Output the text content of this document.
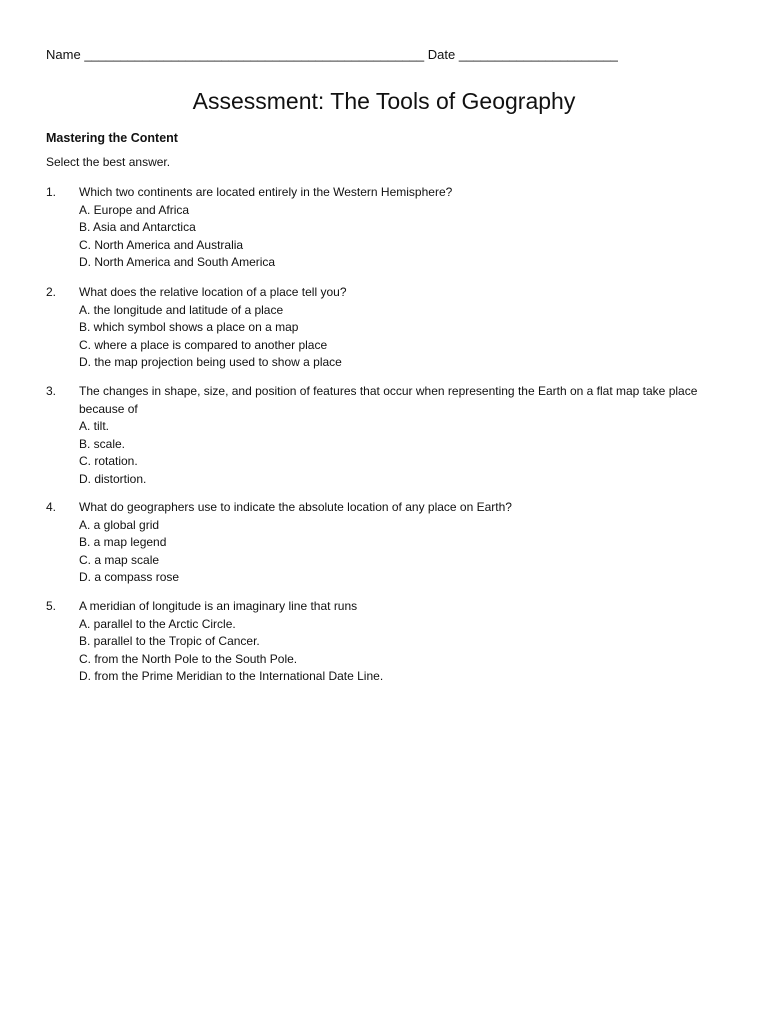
Name _______________________________________________ Date ______________________
Assessment: The Tools of Geography
Mastering the Content

Select the best answer.

1. Which two continents are located entirely in the Western Hemisphere?

A. Europe and Africa

B. Asia and Antarctica

C. North America and Australia

D. North America and South America

2. What does the relative location of a place tell you?

A. the longitude and latitude of a place

B. which symbol shows a place on a map

C. where a place is compared to another place

D. the map projection being used to show a place

3. The changes in shape, size, and position of features that occur when representing the Earth on a flat map take place because of

A. tilt.

B. scale.

C. rotation.

D. distortion.

4. What do geographers use to indicate the absolute location of any place on Earth?

A. a global grid

B. a map legend

C. a map scale

D. a compass rose

5. A meridian of longitude is an imaginary line that runs

A. parallel to the Arctic Circle.

B. parallel to the Tropic of Cancer.

C. from the North Pole to the South Pole.

D. from the Prime Meridian to the International Date Line.
